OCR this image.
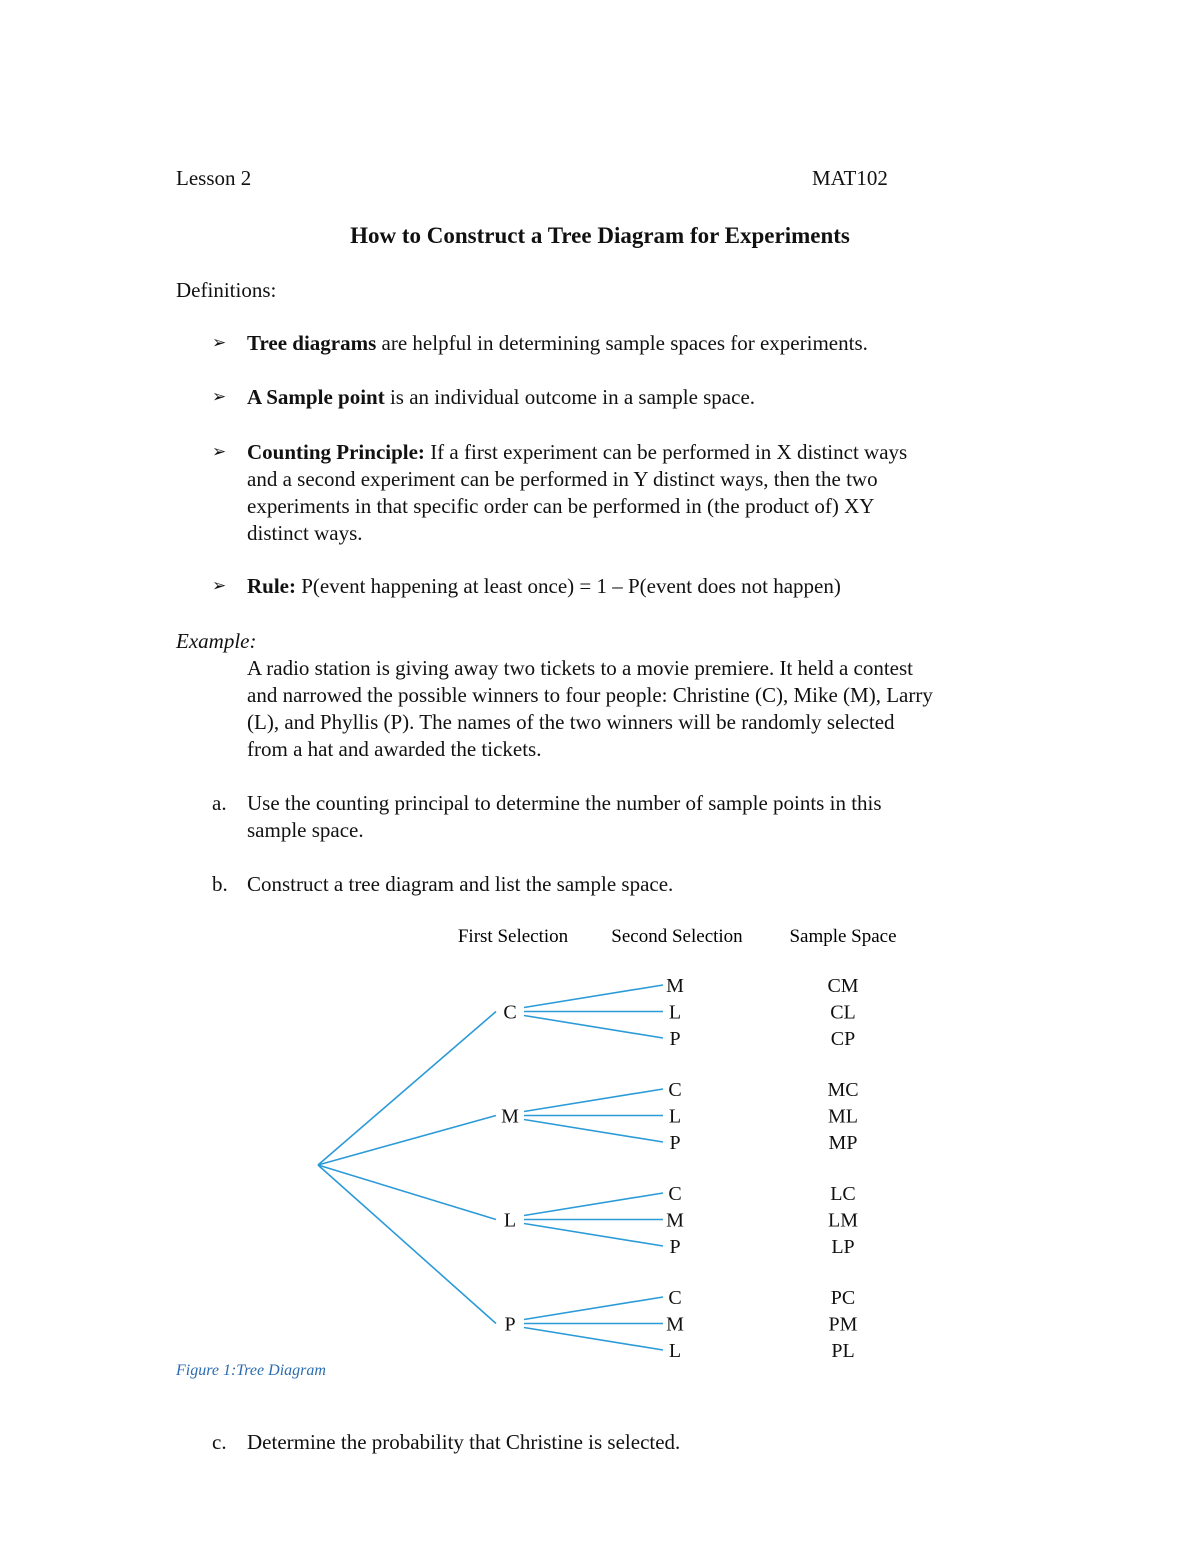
Lesson 2	MAT102
How to Construct a Tree Diagram for Experiments
Definitions:
➢ Tree diagrams are helpful in determining sample spaces for experiments.
➢ A Sample point is an individual outcome in a sample space.
➢ Counting Principle: If a first experiment can be performed in X distinct ways
and a second experiment can be performed in Y distinct ways, then the two
experiments in that specific order can be performed in (the product of) XY
distinct ways.
➢ Rule: P(event happening at least once) = 1 – P(event does not happen)
Example:
A radio station is giving away two tickets to a movie premiere. It held a contest
and narrowed the possible winners to four people: Christine (C), Mike (M), Larry
(L), and Phyllis (P). The names of the two winners will be randomly selected
from a hat and awarded the tickets.
a. Use the counting principal to determine the number of sample points in this
sample space.
b. Construct a tree diagram and list the sample space.
First Selection Second Selection Sample Space
C
M	CM
L	CL
P	CP
M
C	MC
L	ML
P	MP
L
C	LC
M	LM
P	LP
P
C	PC
M	PM
L	PL
Figure 1:Tree Diagram
c. Determine the probability that Christine is selected.
